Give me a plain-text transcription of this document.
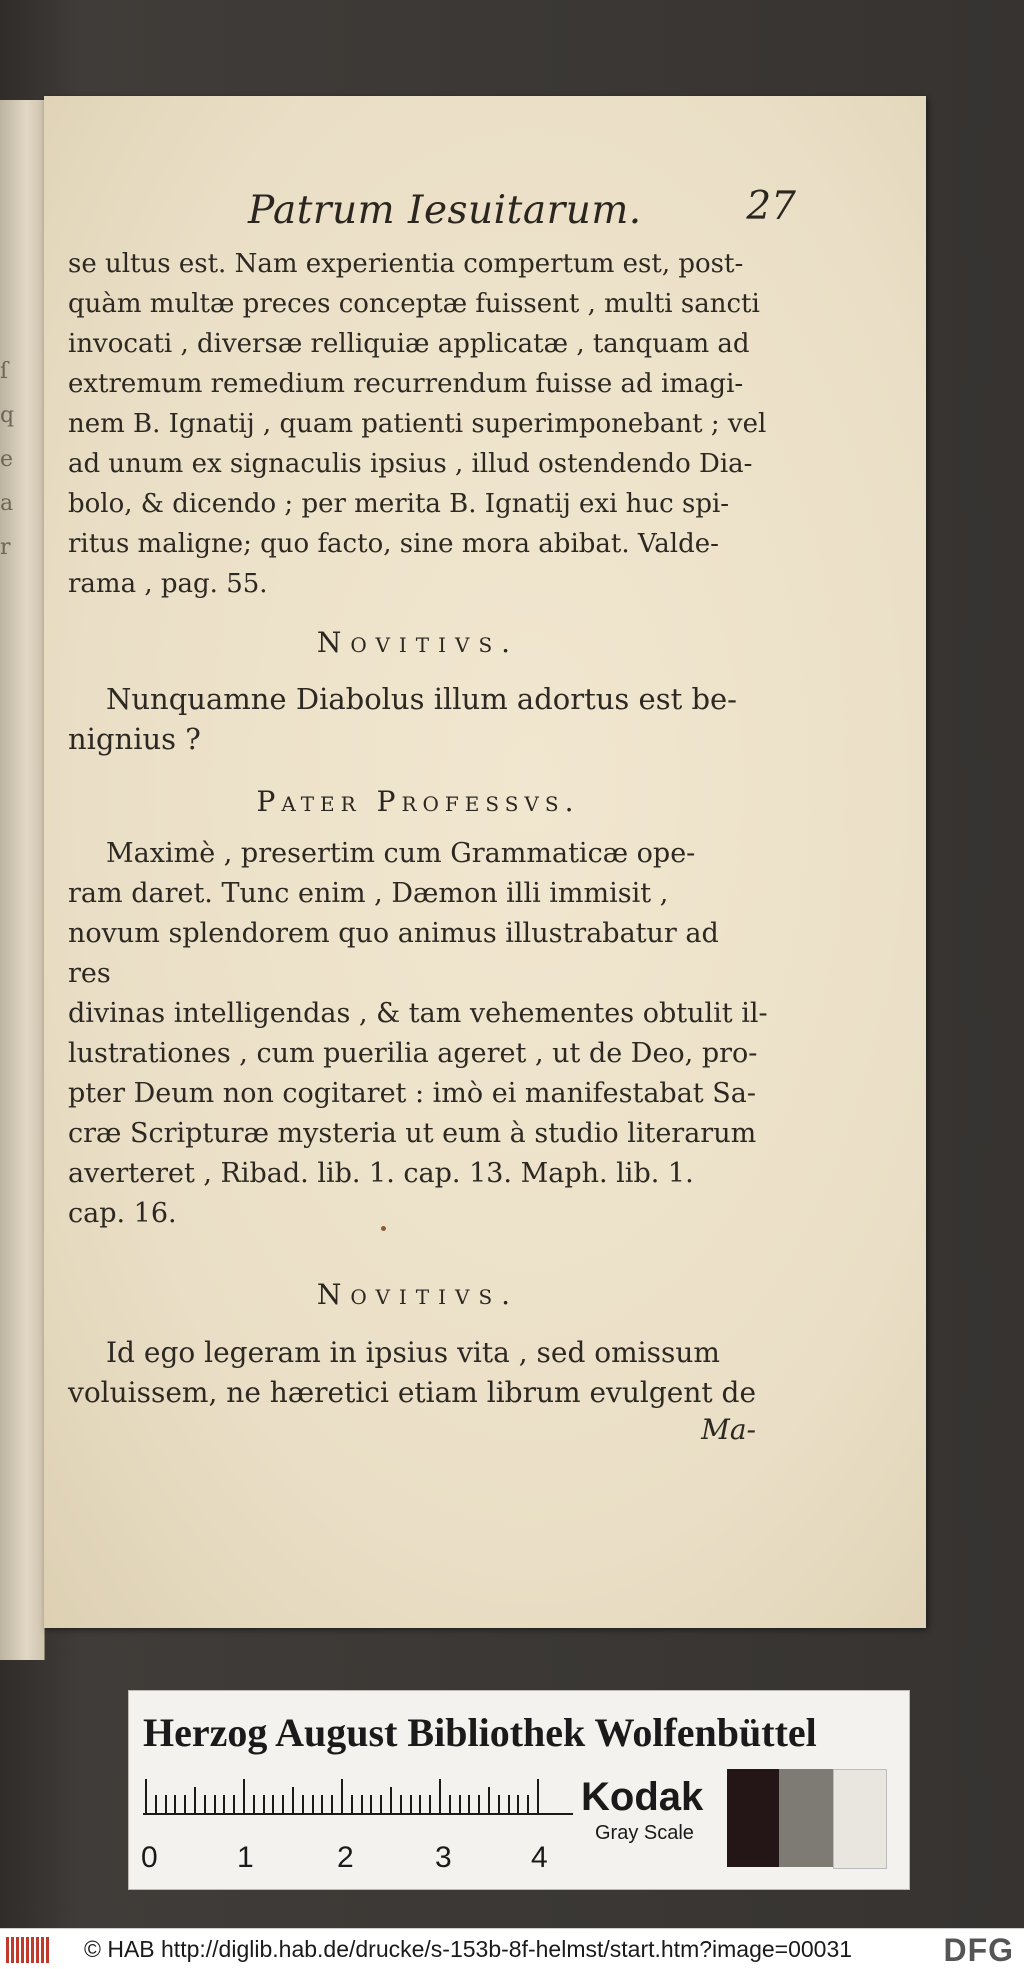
ſ
q
e
a
r
Patrum Iesuitarum.	27

se ultus est. Nam experientia compertum est, post-
quàm multæ preces conceptæ fuissent , multi sancti
invocati , diversæ relliquiæ applicatæ , tanquam ad
extremum remedium recurrendum fuisse ad imagi-
nem B. Ignatij , quam patienti superimponebant ; vel
ad unum ex signaculis ipsius , illud ostendendo Dia-
bolo, & dicendo ; per merita B. Ignatij exi huc spi-
ritus maligne; quo facto, sine mora abibat. Valde-
rama , pag. 55.

Novitivs.

Nunquamne Diabolus illum adortus est be-
nignius ?

Pater Professvs.

Maximè , presertim cum Grammaticæ ope-
ram daret. Tunc enim , Dæmon illi immisit ,
novum splendorem quo animus illustrabatur ad res
divinas intelligendas , & tam vehementes obtulit il-
lustrationes , cum puerilia ageret , ut de Deo, pro-
pter Deum non cogitaret : imò ei manifestabat Sa-
cræ Scripturæ mysteria ut eum à studio literarum
averteret , Ribad. lib. 1. cap. 13. Maph. lib. 1.
cap. 16.

Novitivs.

Id ego legeram in ipsius vita , sed omissum
voluissem, ne hæretici etiam librum evulgent de

Ma-

Herzog August Bibliothek Wolfenbüttel
0	1	2	3	4
Kodak
Gray Scale
© HAB http://diglib.hab.de/drucke/s-153b-8f-helmst/start.htm?image=00031	DFG
